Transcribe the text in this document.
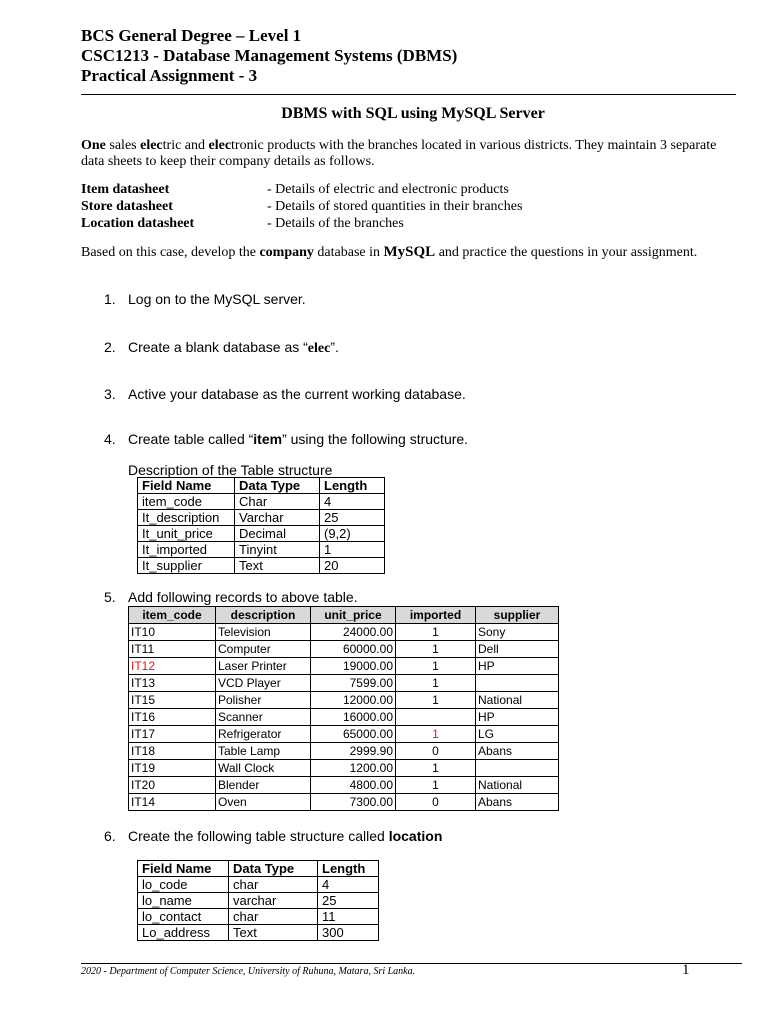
BCS General Degree – Level 1
CSC1213 - Database Management Systems (DBMS)
Practical Assignment - 3
DBMS with SQL using MySQL Server
One sales electric and electronic products with the branches located in various districts. They maintain 3 separate data sheets to keep their company details as follows.
Item datasheet	- Details of electric and electronic products
Store datasheet	- Details of stored quantities in their branches
Location datasheet	- Details of the branches
Based on this case, develop the company database in MySQL and practice the questions in your assignment.
1. Log on to the MySQL server.
2. Create a blank database as “elec”.
3. Active your database as the current working database.
4. Create table called “item” using the following structure.
Description of the Table structure
Field Name	Data Type	Length
item_code	Char	4
It_description	Varchar	25
It_unit_price	Decimal	(9,2)
It_imported	Tinyint	1
It_supplier	Text	20
5. Add following records to above table.
item_code	description	unit_price	imported	supplier
IT10	Television	24000.00	1	Sony
IT11	Computer	60000.00	1	Dell
IT12	Laser Printer	19000.00	1	HP
IT13	VCD Player	7599.00	1	
IT15	Polisher	12000.00	1	National
IT16	Scanner	16000.00		HP
IT17	Refrigerator	65000.00	1	LG
IT18	Table Lamp	2999.90	0	Abans
IT19	Wall Clock	1200.00	1	
IT20	Blender	4800.00	1	National
IT14	Oven	7300.00	0	Abans
6. Create the following table structure called location
Field Name	Data Type	Length
lo_code	char	4
lo_name	varchar	25
lo_contact	char	11
Lo_address	Text	300
2020 - Department of Computer Science, University of Ruhuna, Matara, Sri Lanka.	1
